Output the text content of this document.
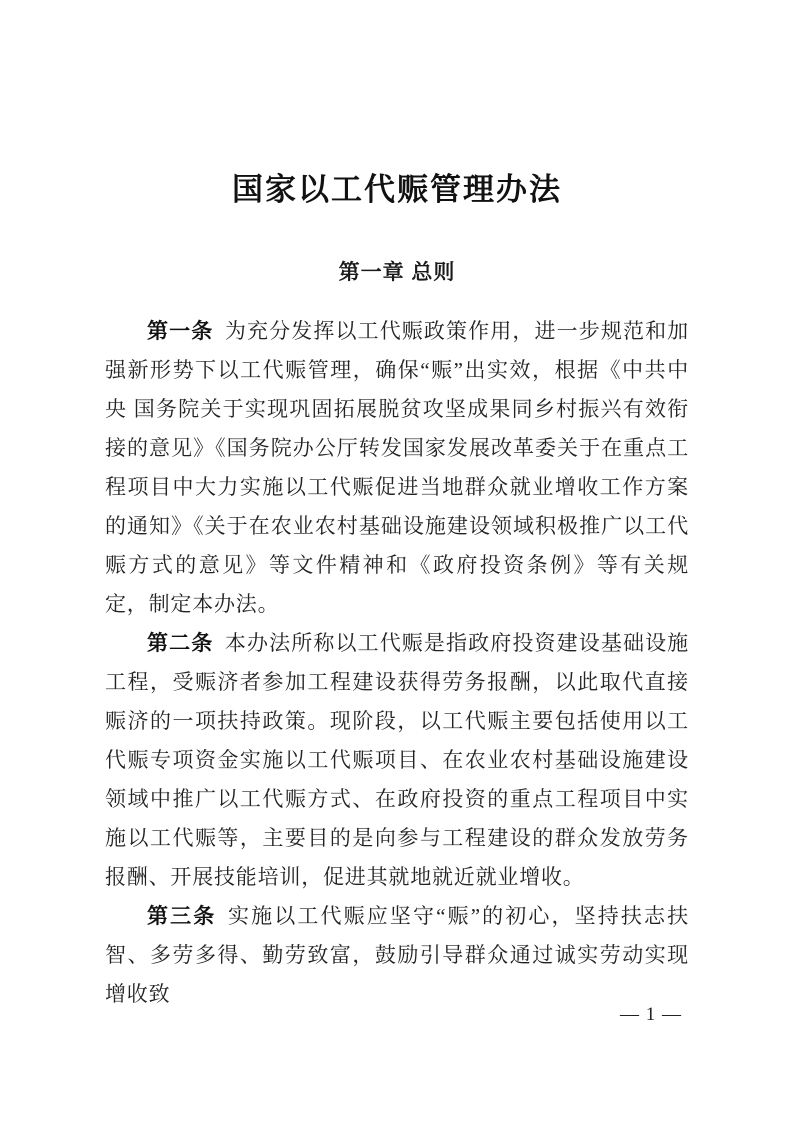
国家以工代赈管理办法
第一章 总则

第一条 为充分发挥以工代赈政策作用，进一步规范和加强新形势下以工代赈管理，确保“赈”出实效，根据《中共中央 国务院关于实现巩固拓展脱贫攻坚成果同乡村振兴有效衔接的意见》《国务院办公厅转发国家发展改革委关于在重点工程项目中大力实施以工代赈促进当地群众就业增收工作方案的通知》《关于在农业农村基础设施建设领域积极推广以工代赈方式的意见》等文件精神和《政府投资条例》等有关规定，制定本办法。

第二条 本办法所称以工代赈是指政府投资建设基础设施工程，受赈济者参加工程建设获得劳务报酬，以此取代直接赈济的一项扶持政策。现阶段，以工代赈主要包括使用以工代赈专项资金实施以工代赈项目、在农业农村基础设施建设领域中推广以工代赈方式、在政府投资的重点工程项目中实施以工代赈等，主要目的是向参与工程建设的群众发放劳务报酬、开展技能培训，促进其就地就近就业增收。

第三条 实施以工代赈应坚守“赈”的初心，坚持扶志扶智、多劳多得、勤劳致富，鼓励引导群众通过诚实劳动实现增收致

— 1 —
